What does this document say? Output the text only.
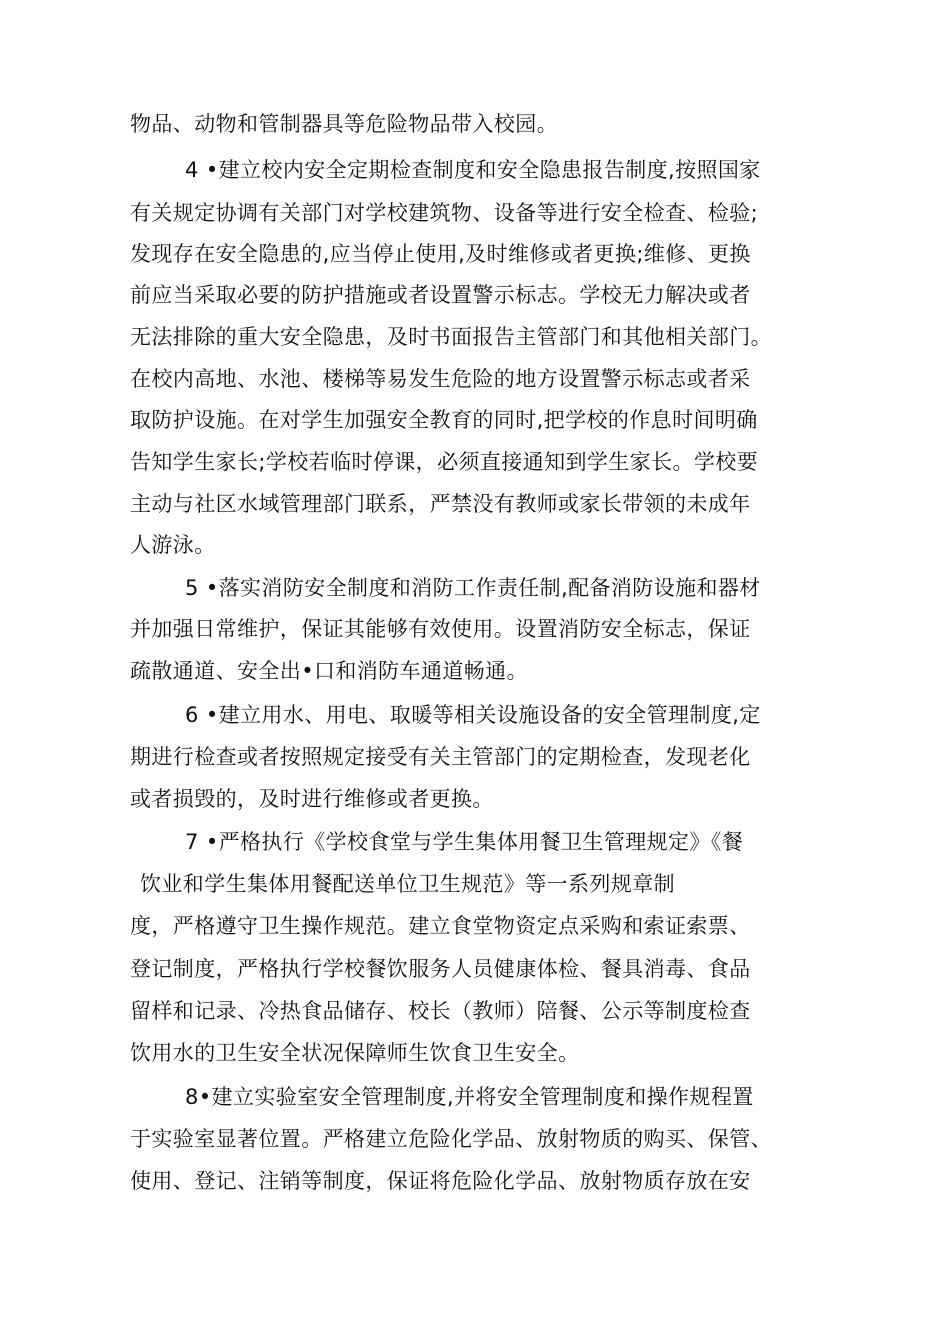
物品、动物和管制器具等危险物品带入校园。
4 •建立校内安全定期检查制度和安全隐患报告制度,按照国家
有关规定协调有关部门对学校建筑物、设备等进行安全检查、检验;
发现存在安全隐患的,应当停止使用,及时维修或者更换;维修、更换
前应当采取必要的防护措施或者设置警示标志。学校无力解决或者
无法排除的重大安全隐患，及时书面报告主管部门和其他相关部门。
在校内高地、水池、楼梯等易发生危险的地方设置警示标志或者采
取防护设施。在对学生加强安全教育的同时,把学校的作息时间明确
告知学生家长;学校若临时停课，必须直接通知到学生家长。学校要
主动与社区水域管理部门联系，严禁没有教师或家长带领的未成年
人游泳。
5 •落实消防安全制度和消防工作责任制,配备消防设施和器材
并加强日常维护，保证其能够有效使用。设置消防安全标志，保证
疏散通道、安全出•口和消防车通道畅通。
6 •建立用水、用电、取暖等相关设施设备的安全管理制度,定
期进行检查或者按照规定接受有关主管部门的定期检查，发现老化
或者损毁的，及时进行维修或者更换。
7 •严格执行《学校食堂与学生集体用餐卫生管理规定》《餐
饮业和学生集体用餐配送单位卫生规范》等一系列规章制
度，严格遵守卫生操作规范。建立食堂物资定点采购和索证索票、
登记制度，严格执行学校餐饮服务人员健康体检、餐具消毒、食品
留样和记录、冷热食品储存、校长（教师）陪餐、公示等制度检查
饮用水的卫生安全状况保障师生饮食卫生安全。
8•建立实验室安全管理制度,并将安全管理制度和操作规程置
于实验室显著位置。严格建立危险化学品、放射物质的购买、保管、
使用、登记、注销等制度，保证将危险化学品、放射物质存放在安
